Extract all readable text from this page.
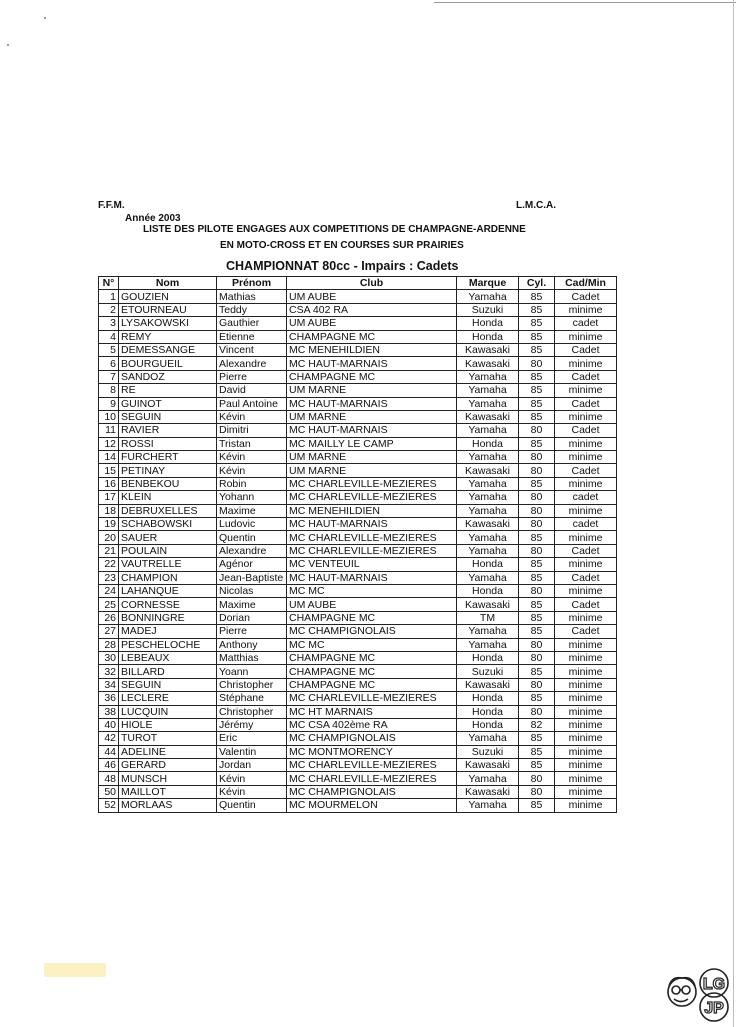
F.F.M.	L.M.C.A.
Année 2003
LISTE DES PILOTE ENGAGES AUX COMPETITIONS DE CHAMPAGNE-ARDENNE
EN MOTO-CROSS ET EN COURSES SUR PRAIRIES
CHAMPIONNAT 80cc - Impairs : Cadets
N°	Nom	Prénom	Club	Marque	Cyl.	Cad/Min
1	GOUZIEN	Mathias	UM AUBE	Yamaha	85	Cadet
2	ETOURNEAU	Teddy	CSA 402 RA	Suzuki	85	minime
3	LYSAKOWSKI	Gauthier	UM AUBE	Honda	85	cadet
4	REMY	Etienne	CHAMPAGNE MC	Honda	85	minime
5	DEMESSANGE	Vincent	MC MENEHILDIEN	Kawasaki	85	Cadet
6	BOURGUEIL	Alexandre	MC HAUT-MARNAIS	Kawasaki	80	minime
7	SANDOZ	Pierre	CHAMPAGNE MC	Yamaha	85	Cadet
8	RE	David	UM MARNE	Yamaha	85	minime
9	GUINOT	Paul Antoine	MC HAUT-MARNAIS	Yamaha	85	Cadet
10	SEGUIN	Kévin	UM MARNE	Kawasaki	85	minime
11	RAVIER	Dimitri	MC HAUT-MARNAIS	Yamaha	80	Cadet
12	ROSSI	Tristan	MC MAILLY LE CAMP	Honda	85	minime
14	FURCHERT	Kévin	UM MARNE	Yamaha	80	minime
15	PETINAY	Kévin	UM MARNE	Kawasaki	80	Cadet
16	BENBEKOU	Robin	MC CHARLEVILLE-MEZIERES	Yamaha	85	minime
17	KLEIN	Yohann	MC CHARLEVILLE-MEZIERES	Yamaha	80	cadet
18	DEBRUXELLES	Maxime	MC MENEHILDIEN	Yamaha	80	minime
19	SCHABOWSKI	Ludovic	MC HAUT-MARNAIS	Kawasaki	80	cadet
20	SAUER	Quentin	MC CHARLEVILLE-MEZIERES	Yamaha	85	minime
21	POULAIN	Alexandre	MC CHARLEVILLE-MEZIERES	Yamaha	80	Cadet
22	VAUTRELLE	Agénor	MC VENTEUIL	Honda	85	minime
23	CHAMPION	Jean-Baptiste	MC HAUT-MARNAIS	Yamaha	85	Cadet
24	LAHANQUE	Nicolas	MC MC	Honda	80	minime
25	CORNESSE	Maxime	UM AUBE	Kawasaki	85	Cadet
26	BONNINGRE	Dorian	CHAMPAGNE MC	TM	85	minime
27	MADEJ	Pierre	MC CHAMPIGNOLAIS	Yamaha	85	Cadet
28	PESCHELOCHE	Anthony	MC MC	Yamaha	80	minime
30	LEBEAUX	Matthias	CHAMPAGNE MC	Honda	80	minime
32	BILLARD	Yoann	CHAMPAGNE MC	Suzuki	85	minime
34	SEGUIN	Christopher	CHAMPAGNE MC	Kawasaki	80	minime
36	LECLERE	Stéphane	MC CHARLEVILLE-MEZIERES	Honda	85	minime
38	LUCQUIN	Christopher	MC HT MARNAIS	Honda	80	minime
40	HIOLE	Jérémy	MC CSA 402ème RA	Honda	82	minime
42	TUROT	Eric	MC CHAMPIGNOLAIS	Yamaha	85	minime
44	ADELINE	Valentin	MC MONTMORENCY	Suzuki	85	minime
46	GERARD	Jordan	MC CHARLEVILLE-MEZIERES	Kawasaki	85	minime
48	MUNSCH	Kévin	MC CHARLEVILLE-MEZIERES	Yamaha	80	minime
50	MAILLOT	Kévin	MC CHAMPIGNOLAIS	Kawasaki	80	minime
52	MORLAAS	Quentin	MC MOURMELON	Yamaha	85	minime
LG
JP
